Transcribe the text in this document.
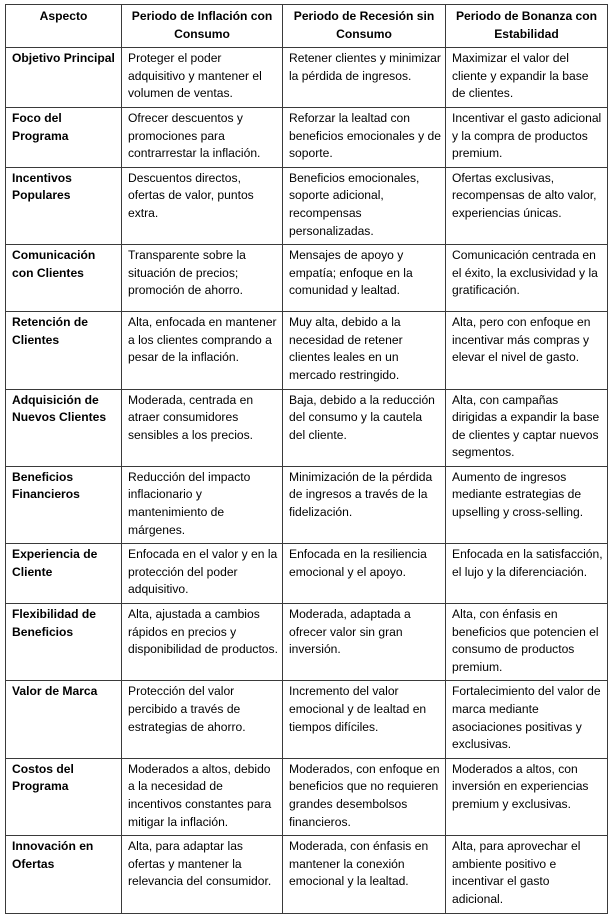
Aspecto	Periodo de Inflación con Consumo	Periodo de Recesión sin Consumo	Periodo de Bonanza con Estabilidad
Objetivo Principal	Proteger el poder adquisitivo y mantener el volumen de ventas.	Retener clientes y minimizar la pérdida de ingresos.	Maximizar el valor del cliente y expandir la base de clientes.
Foco del Programa	Ofrecer descuentos y promociones para contrarrestar la inflación.	Reforzar la lealtad con beneficios emocionales y de soporte.	Incentivar el gasto adicional y la compra de productos premium.
Incentivos Populares	Descuentos directos, ofertas de valor, puntos extra.	Beneficios emocionales, soporte adicional, recompensas personalizadas.	Ofertas exclusivas, recompensas de alto valor, experiencias únicas.
Comunicación con Clientes	Transparente sobre la situación de precios; promoción de ahorro.	Mensajes de apoyo y empatía; enfoque en la comunidad y lealtad.	Comunicación centrada en el éxito, la exclusividad y la gratificación.
Retención de Clientes	Alta, enfocada en mantener a los clientes comprando a pesar de la inflación.	Muy alta, debido a la necesidad de retener clientes leales en un mercado restringido.	Alta, pero con enfoque en incentivar más compras y elevar el nivel de gasto.
Adquisición de Nuevos Clientes	Moderada, centrada en atraer consumidores sensibles a los precios.	Baja, debido a la reducción del consumo y la cautela del cliente.	Alta, con campañas dirigidas a expandir la base de clientes y captar nuevos segmentos.
Beneficios Financieros	Reducción del impacto inflacionario y mantenimiento de márgenes.	Minimización de la pérdida de ingresos a través de la fidelización.	Aumento de ingresos mediante estrategias de upselling y cross-selling.
Experiencia de Cliente	Enfocada en el valor y en la protección del poder adquisitivo.	Enfocada en la resiliencia emocional y el apoyo.	Enfocada en la satisfacción, el lujo y la diferenciación.
Flexibilidad de Beneficios	Alta, ajustada a cambios rápidos en precios y disponibilidad de productos.	Moderada, adaptada a ofrecer valor sin gran inversión.	Alta, con énfasis en beneficios que potencien el consumo de productos premium.
Valor de Marca	Protección del valor percibido a través de estrategias de ahorro.	Incremento del valor emocional y de lealtad en tiempos difíciles.	Fortalecimiento del valor de marca mediante asociaciones positivas y exclusivas.
Costos del Programa	Moderados a altos, debido a la necesidad de incentivos constantes para mitigar la inflación.	Moderados, con enfoque en beneficios que no requieren grandes desembolsos financieros.	Moderados a altos, con inversión en experiencias premium y exclusivas.
Innovación en Ofertas	Alta, para adaptar las ofertas y mantener la relevancia del consumidor.	Moderada, con énfasis en mantener la conexión emocional y la lealtad.	Alta, para aprovechar el ambiente positivo e incentivar el gasto adicional.
